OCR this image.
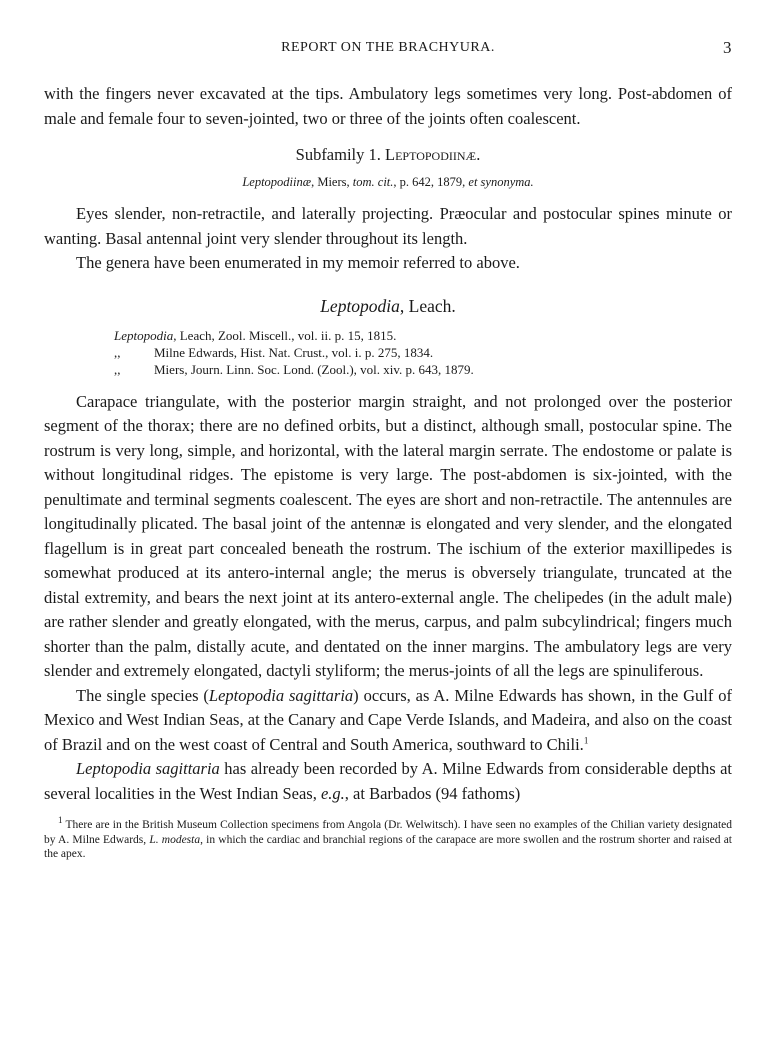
REPORT ON THE BRACHYURA.	3

with the fingers never excavated at the tips. Ambulatory legs sometimes very long. Post-abdomen of male and female four to seven-jointed, two or three of the joints often coalescent.

Subfamily 1. Leptopodiinæ.
Leptopodiinæ, Miers, tom. cit., p. 642, 1879, et synonyma.

Eyes slender, non-retractile, and laterally projecting. Præocular and postocular spines minute or wanting. Basal antennal joint very slender throughout its length.

The genera have been enumerated in my memoir referred to above.

Leptopodia, Leach.
Leptopodia, Leach, Zool. Miscell., vol. ii. p. 15, 1815.
,,	Milne Edwards, Hist. Nat. Crust., vol. i. p. 275, 1834.
,,	Miers, Journ. Linn. Soc. Lond. (Zool.), vol. xiv. p. 643, 1879.

Carapace triangulate, with the posterior margin straight, and not prolonged over the posterior segment of the thorax; there are no defined orbits, but a distinct, although small, postocular spine. The rostrum is very long, simple, and horizontal, with the lateral margin serrate. The endostome or palate is without longitudinal ridges. The epistome is very large. The post-abdomen is six-jointed, with the penultimate and terminal segments coalescent. The eyes are short and non-retractile. The antennules are longitudinally plicated. The basal joint of the antennæ is elongated and very slender, and the elongated flagellum is in great part concealed beneath the rostrum. The ischium of the exterior maxillipedes is somewhat produced at its antero-internal angle; the merus is obversely triangulate, truncated at the distal extremity, and bears the next joint at its antero-external angle. The chelipedes (in the adult male) are rather slender and greatly elongated, with the merus, carpus, and palm subcylindrical; fingers much shorter than the palm, distally acute, and dentated on the inner margins. The ambulatory legs are very slender and extremely elongated, dactyli styliform; the merus-joints of all the legs are spinuliferous.

The single species (Leptopodia sagittaria) occurs, as A. Milne Edwards has shown, in the Gulf of Mexico and West Indian Seas, at the Canary and Cape Verde Islands, and Madeira, and also on the coast of Brazil and on the west coast of Central and South America, southward to Chili.$^1$

Leptopodia sagittaria has already been recorded by A. Milne Edwards from considerable depths at several localities in the West Indian Seas, e.g., at Barbados (94 fathoms)

$^1$ There are in the British Museum Collection specimens from Angola (Dr. Welwitsch). I have seen no examples of the Chilian variety designated by A. Milne Edwards, L. modesta, in which the cardiac and branchial regions of the carapace are more swollen and the rostrum shorter and raised at the apex.
